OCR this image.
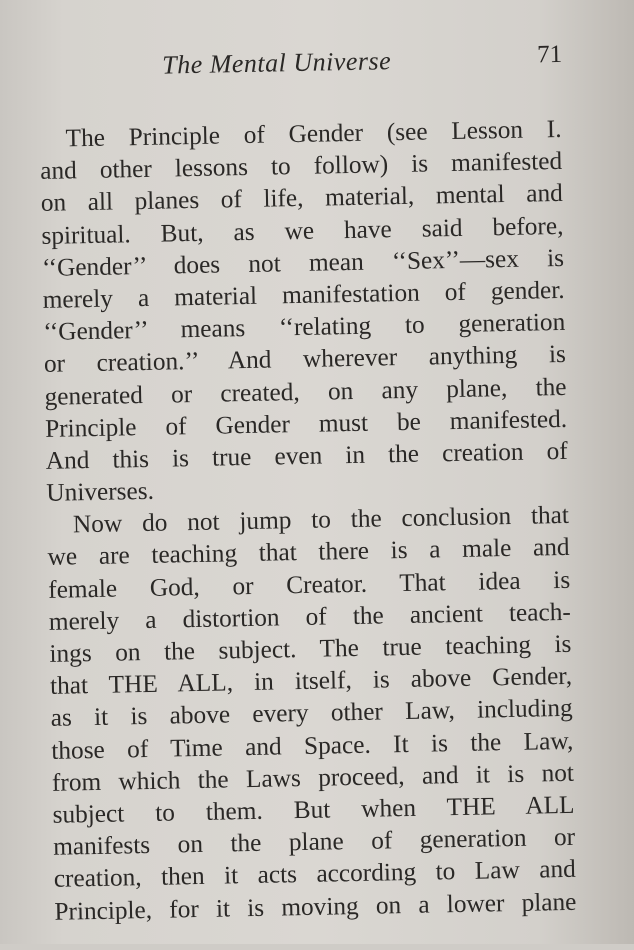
The Mental Universe	71
The Principle of Gender (see Lesson I.
and other lessons to follow) is manifested
on all planes of life, material, mental and
spiritual. But, as we have said before,
‘‘Gender’’ does not mean ‘‘Sex’’—sex is
merely a material manifestation of gender.
‘‘Gender’’ means ‘‘relating to generation
or creation.’’ And wherever anything is
generated or created, on any plane, the
Principle of Gender must be manifested.
And this is true even in the creation of
Universes.
Now do not jump to the conclusion that
we are teaching that there is a male and
female God, or Creator. That idea is
merely a distortion of the ancient teach-
ings on the subject. The true teaching is
that THE ALL, in itself, is above Gender,
as it is above every other Law, including
those of Time and Space. It is the Law,
from which the Laws proceed, and it is not
subject to them. But when THE ALL
manifests on the plane of generation or
creation, then it acts according to Law and
Principle, for it is moving on a lower plane
